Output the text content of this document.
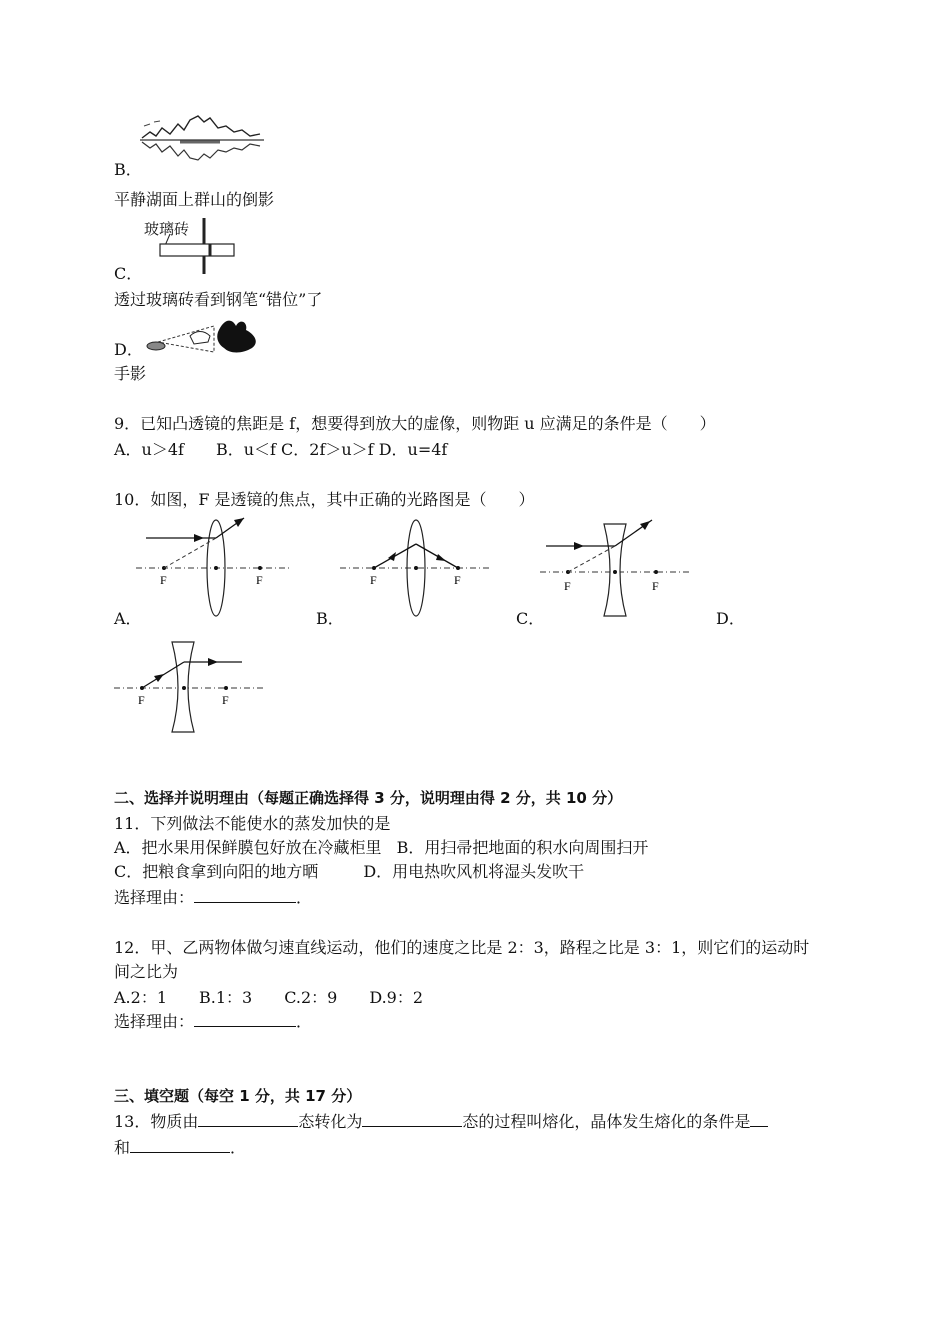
B．
平静湖面上群山的倒影
玻璃砖
C．
透过玻璃砖看到钢笔“错位”了
D．
手影
9．已知凸透镜的焦距是 f，想要得到放大的虚像，则物距 u 应满足的条件是（　　）
A．u＞4f　　B．u＜f C．2f＞u＞f D．u=4f
10．如图，F 是透镜的焦点，其中正确的光路图是（　　）
F	F	F	F	F	F
A．	B．	C．	D．
F	F
二、选择并说明理由（每题正确选择得 3 分，说明理由得 2 分，共 10 分）
11．下列做法不能使水的蒸发加快的是
A．把水果用保鲜膜包好放在冷藏柜里 B．用扫帚把地面的积水向周围扫开
C．把粮食拿到向阳的地方晒	D．用电热吹风机将湿头发吹干
选择理由：	．
12．甲、乙两物体做匀速直线运动，他们的速度之比是 2：3，路程之比是 3：1，则它们的运动时
间之比为
A.2：1　　B.1：3　　C.2：9　　D.9：2
选择理由：	．
三、填空题（每空 1 分，共 17 分）
13．物质由	态转化为	态的过程叫熔化，晶体发生熔化的条件是
和	．
